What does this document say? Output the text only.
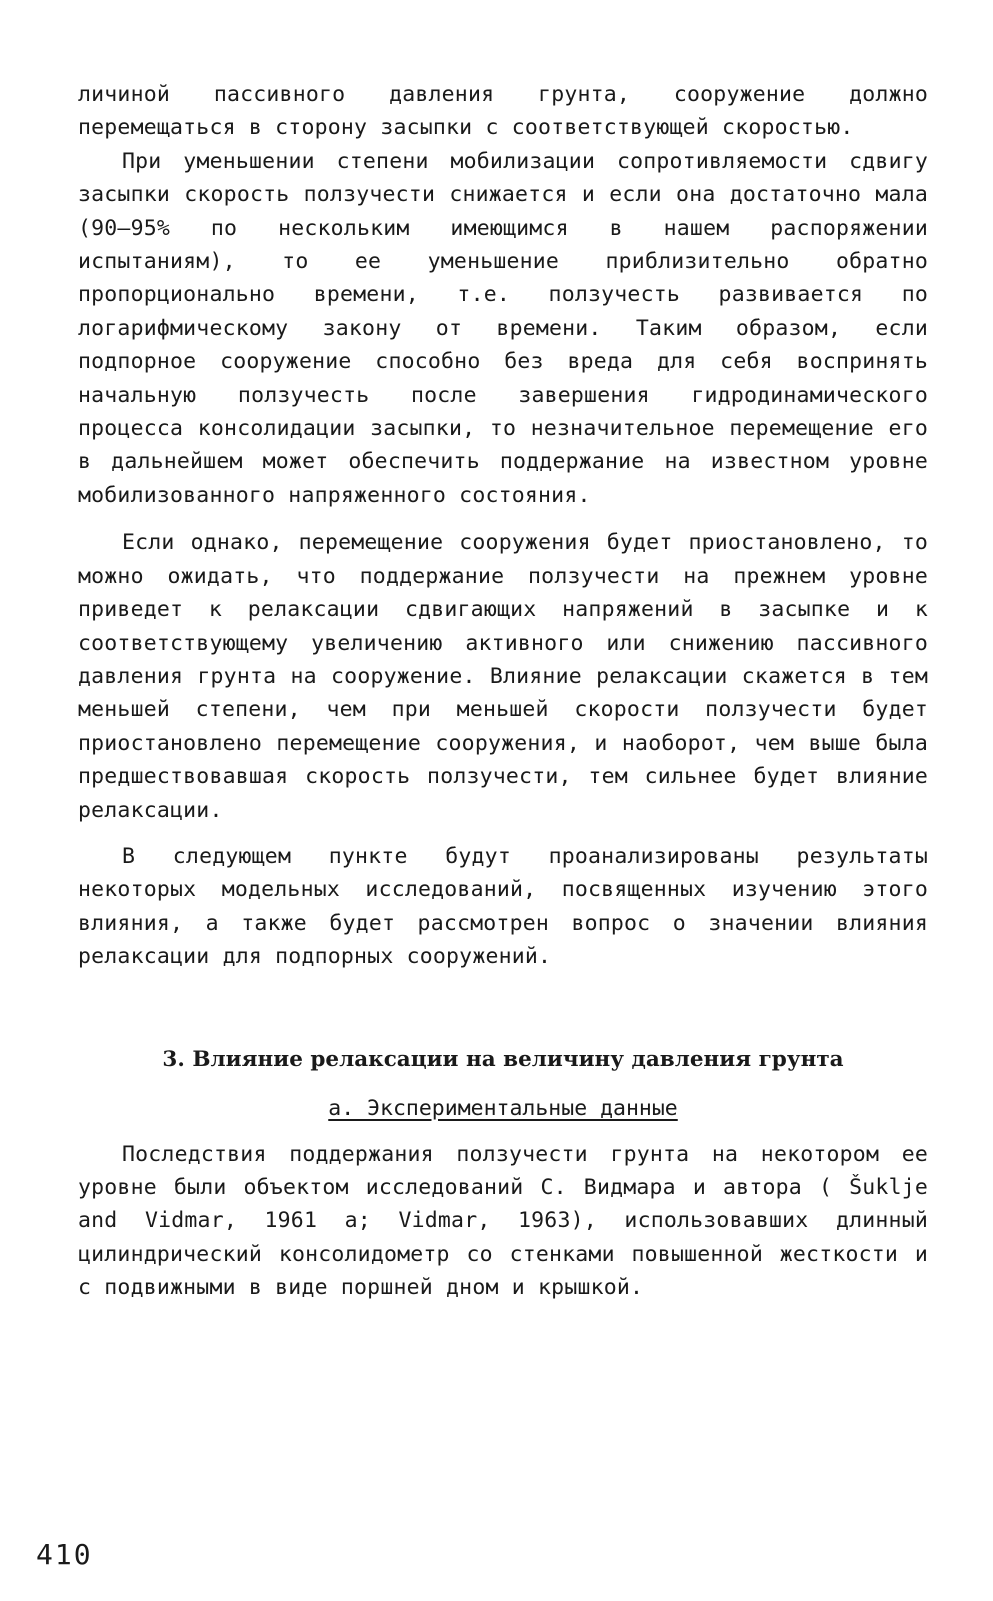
личиной пассивного давления грунта, сооружение должно перемещаться в сторону засыпки с соответствующей скоростью.

При уменьшении степени мобилизации сопротивляемости сдвигу засыпки скорость ползучести снижается и если она достаточно мала (90–95% по нескольким имеющимся в нашем распоряжении испытаниям), то ее уменьшение приблизительно обратно пропорционально времени, т.е. ползучесть развивается по логарифмическому закону от времени. Таким образом, если подпорное сооружение способно без вреда для себя воспринять начальную ползучесть после завершения гидродинамического процесса консолидации засыпки, то незначительное перемещение его в дальнейшем может обеспечить поддержание на известном уровне мобилизованного напряженного состояния.

Если однако, перемещение сооружения будет приостановлено, то можно ожидать, что поддержание ползучести на прежнем уровне приведет к релаксации сдвигающих напряжений в засыпке и к соответствующему увеличению активного или снижению пассивного давления грунта на сооружение. Влияние релаксации скажется в тем меньшей степени, чем при меньшей скорости ползучести будет приостановлено перемещение сооружения, и наоборот, чем выше была предшествовавшая скорость ползучести, тем сильнее будет влияние релаксации.

В следующем пункте будут проанализированы результаты некоторых модельных исследований, посвященных изучению этого влияния, а также будет рассмотрен вопрос о значении влияния релаксации для подпорных сооружений.

3. Влияние релаксации на величину давления грунта
а. Экспериментальные данные

Последствия поддержания ползучести грунта на некотором ее уровне были объектом исследований С. Видмара и автора ( Šuklje and Vidmar, 1961 a; Vidmar, 1963), использовавших длинный цилиндрический консолидометр со стенками повышенной жесткости и с подвижными в виде поршней дном и крышкой.

410
